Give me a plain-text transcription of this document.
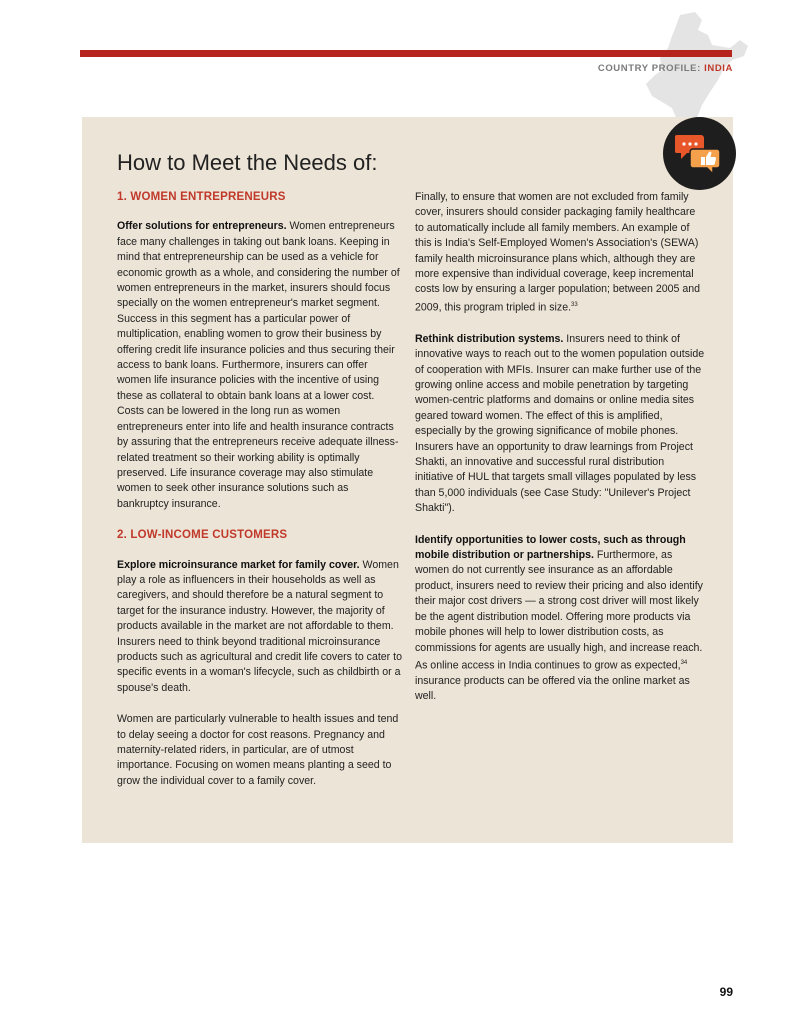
COUNTRY PROFILE: INDIA
How to Meet the Needs of:
1. WOMEN ENTREPRENEURS

Offer solutions for entrepreneurs. Women entrepreneurs face many challenges in taking out bank loans. Keeping in mind that entrepreneurship can be used as a vehicle for economic growth as a whole, and considering the number of women entrepreneurs in the market, insurers should focus specially on the women entrepreneur's market segment. Success in this segment has a particular power of multiplication, enabling women to grow their business by offering credit life insurance policies and thus securing their access to bank loans. Furthermore, insurers can offer women life insurance policies with the incentive of using these as collateral to obtain bank loans at a lower cost. Costs can be lowered in the long run as women entrepreneurs enter into life and health insurance contracts by assuring that the entrepreneurs receive adequate illness-related treatment so their working ability is optimally preserved. Life insurance coverage may also stimulate women to seek other insurance solutions such as bankruptcy insurance.

2. LOW-INCOME CUSTOMERS

Explore microinsurance market for family cover. Women play a role as influencers in their households as well as caregivers, and should therefore be a natural segment to target for the insurance industry. However, the majority of products available in the market are not affordable to them. Insurers need to think beyond traditional microinsurance products such as agricultural and credit life covers to cater to specific events in a woman's lifecycle, such as childbirth or a spouse's death.

Women are particularly vulnerable to health issues and tend to delay seeing a doctor for cost reasons. Pregnancy and maternity-related riders, in particular, are of utmost importance. Focusing on women means planting a seed to grow the individual cover to a family cover.

Finally, to ensure that women are not excluded from family cover, insurers should consider packaging family healthcare to automatically include all family members. An example of this is India's Self-Employed Women's Association's (SEWA) family health microinsurance plans which, although they are more expensive than individual coverage, keep incremental costs low by ensuring a larger population; between 2005 and 2009, this program tripled in size.$^{33}$

Rethink distribution systems. Insurers need to think of innovative ways to reach out to the women population outside of cooperation with MFIs. Insurer can make further use of the growing online access and mobile penetration by targeting women-centric platforms and domains or online media sites geared toward women. The effect of this is amplified, especially by the growing significance of mobile phones. Insurers have an opportunity to draw learnings from Project Shakti, an innovative and successful rural distribution initiative of HUL that targets small villages populated by less than 5,000 individuals (see Case Study: "Unilever's Project Shakti").

Identify opportunities to lower costs, such as through mobile distribution or partnerships. Furthermore, as women do not currently see insurance as an affordable product, insurers need to review their pricing and also identify their major cost drivers — a strong cost driver will most likely be the agent distribution model. Offering more products via mobile phones will help to lower distribution costs, as commissions for agents are usually high, and increase reach. As online access in India continues to grow as expected,$^{34}$ insurance products can be offered via the online market as well.

99
